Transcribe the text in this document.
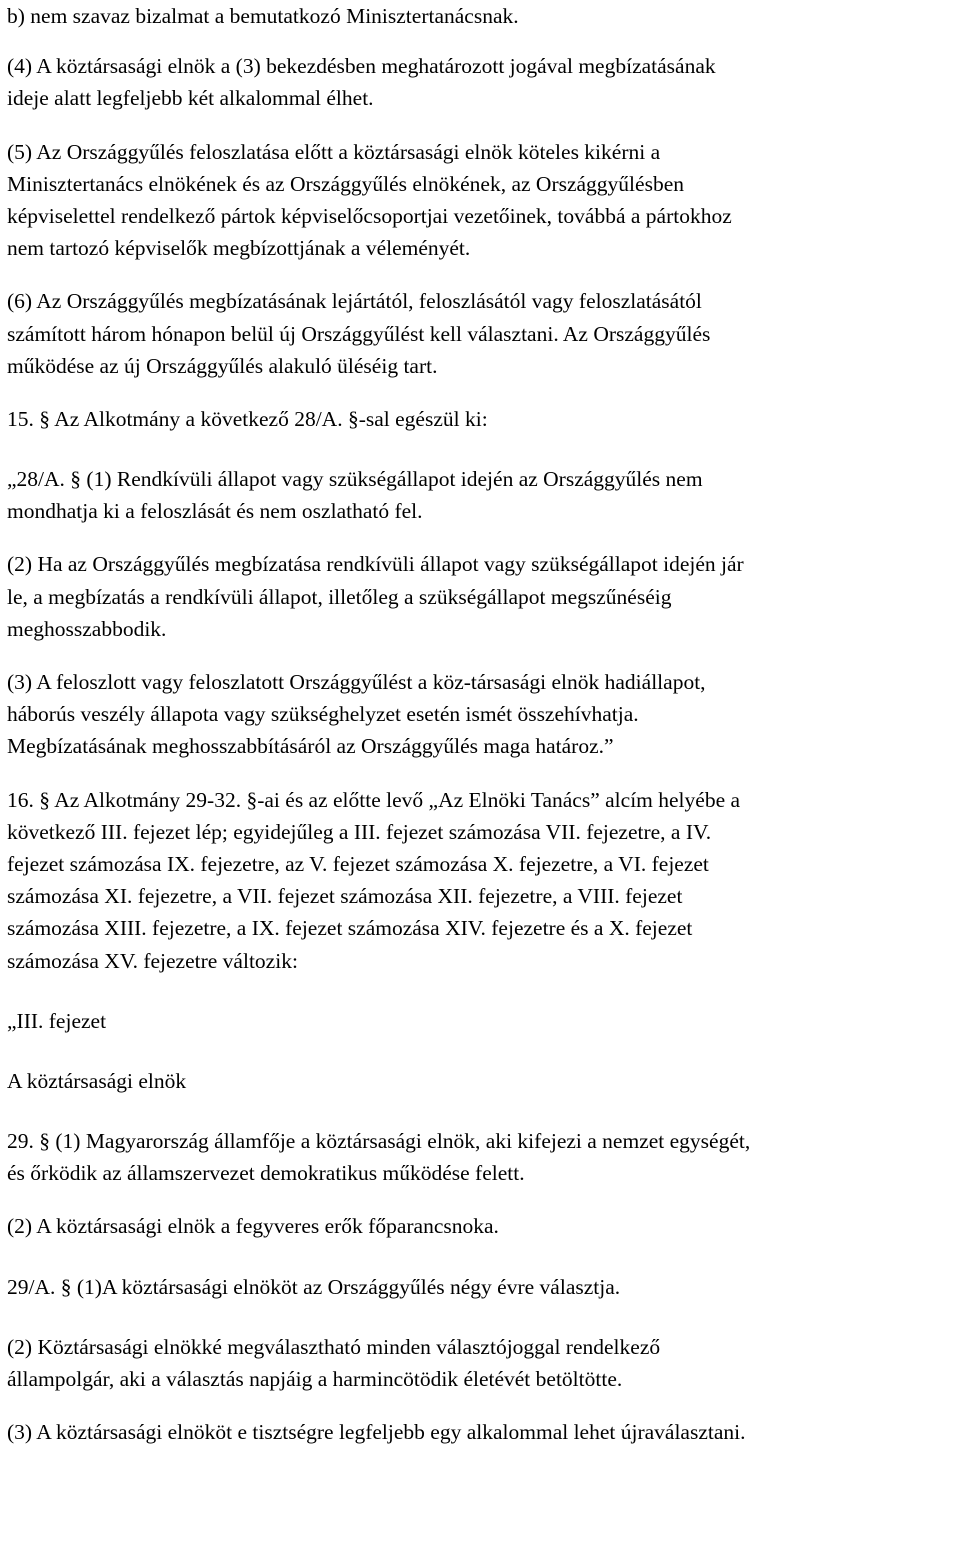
b) nem szavaz bizalmat a bemutatkozó Minisztertanácsnak.

(4) A köztársasági elnök a (3) bekezdésben meghatározott jogával megbízatásának
ideje alatt legfeljebb két alkalommal élhet.

(5) Az Országgyűlés feloszlatása előtt a köztársasági elnök köteles kikérni a
Minisztertanács elnökének és az Országgyűlés elnökének, az Országgyűlésben
képviselettel rendelkező pártok képviselőcsoportjai vezetőinek, továbbá a pártokhoz
nem tartozó képviselők megbízottjának a véleményét.

(6) Az Országgyűlés megbízatásának lejártától, feloszlásától vagy feloszlatásától
számított három hónapon belül új Országgyűlést kell választani. Az Országgyűlés
működése az új Országgyűlés alakuló üléséig tart.

15. § Az Alkotmány a következő 28/A. §-sal egészül ki:

„28/A. § (1) Rendkívüli állapot vagy szükségállapot idején az Országgyűlés nem
mondhatja ki a feloszlását és nem oszlatható fel.

(2) Ha az Országgyűlés megbízatása rendkívüli állapot vagy szükségállapot idején jár
le, a megbízatás a rendkívüli állapot, illetőleg a szükségállapot megszűnéséig
meghosszabbodik.

(3) A feloszlott vagy feloszlatott Országgyűlést a köz-társasági elnök hadiállapot,
háborús veszély állapota vagy szükséghelyzet esetén ismét összehívhatja.
Megbízatásának meghosszabbításáról az Országgyűlés maga határoz.”

16. § Az Alkotmány 29-32. §-ai és az előtte levő „Az Elnöki Tanács” alcím helyébe a
következő III. fejezet lép; egyidejűleg a III. fejezet számozása VII. fejezetre, a IV.
fejezet számozása IX. fejezetre, az V. fejezet számozása X. fejezetre, a VI. fejezet
számozása XI. fejezetre, a VII. fejezet számozása XII. fejezetre, a VIII. fejezet
számozása XIII. fejezetre, a IX. fejezet számozása XIV. fejezetre és a X. fejezet
számozása XV. fejezetre változik:

„III. fejezet

A köztársasági elnök

29. § (1) Magyarország államfője a köztársasági elnök, aki kifejezi a nemzet egységét,
és őrködik az államszervezet demokratikus működése felett.

(2) A köztársasági elnök a fegyveres erők főparancsnoka.

29/A. § (1)A köztársasági elnököt az Országgyűlés négy évre választja.

(2) Köztársasági elnökké megválasztható minden választójoggal rendelkező
állampolgár, aki a választás napjáig a harmincötödik életévét betöltötte.

(3) A köztársasági elnököt e tisztségre legfeljebb egy alkalommal lehet újraválasztani.
